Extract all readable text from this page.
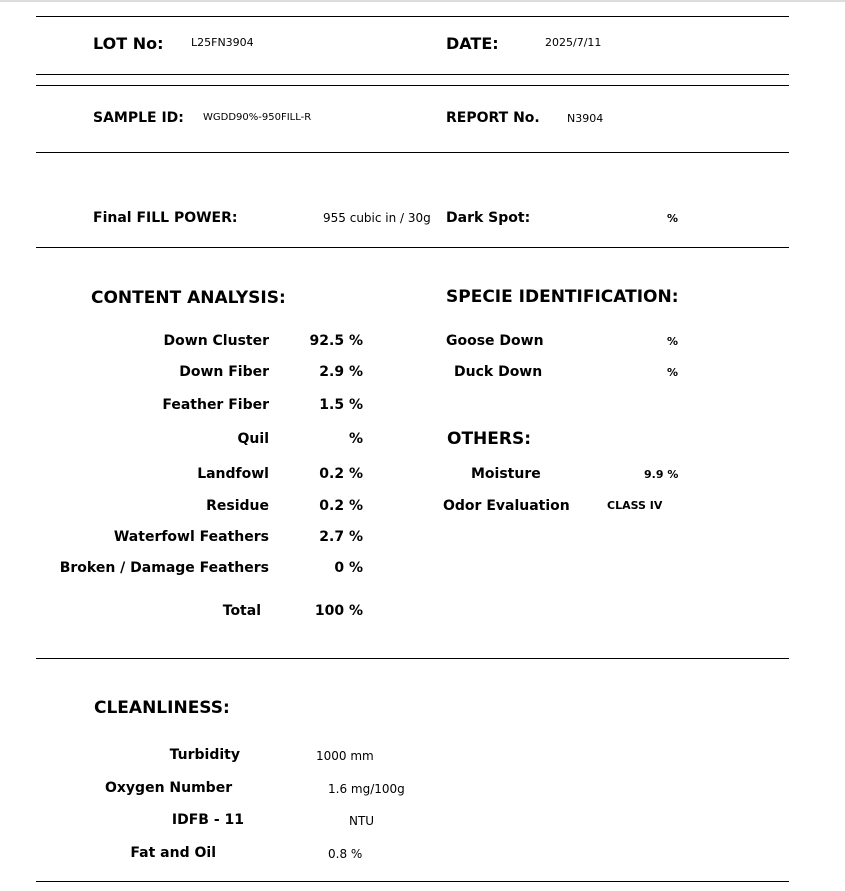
LOT No:	L25FN3904	DATE:	2025/7/11
SAMPLE ID: WGDD90%-950FILL-R	REPORT No. N3904
Final FILL POWER:	955 cubic in / 30g Dark Spot:	%
CONTENT ANALYSIS:	SPECIE IDENTIFICATION:
Down Cluster	92.5 %
Down Fiber	2.9 %
Feather Fiber	1.5 %
Quil	%
Landfowl	0.2 %
Residue	0.2 %
Waterfowl Feathers	2.7 %
Broken / Damage Feathers	0 %
Total	100 %
Goose Down	%
Duck Down	%
OTHERS:
Moisture	9.9 %
Odor Evaluation	CLASS IV
CLEANLINESS:
Turbidity	1000 mm
Oxygen Number	1.6 mg/100g
IDFB - 11	NTU
Fat and Oil	0.8 %
